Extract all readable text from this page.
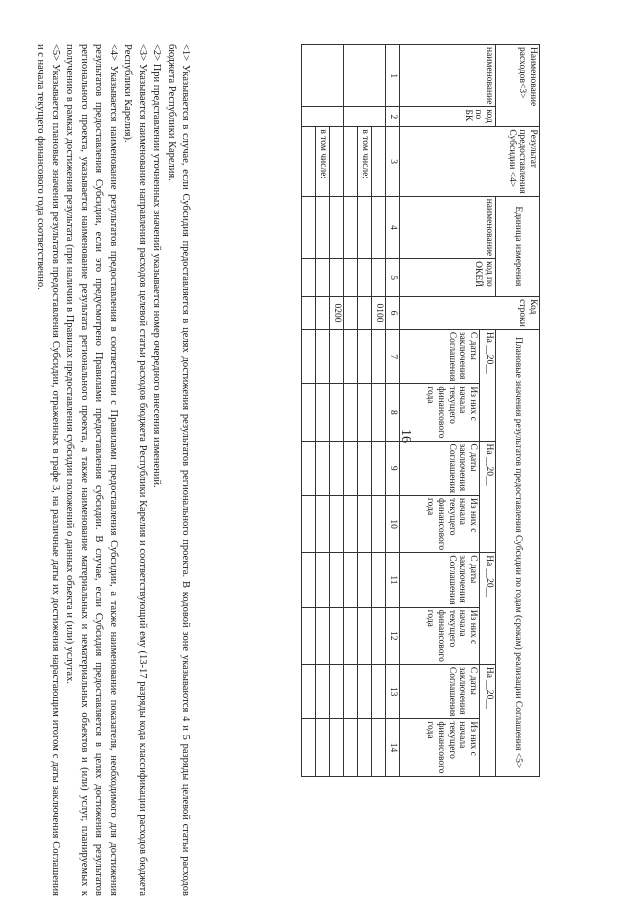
16
Наименование расходов<3>		Результат предоставления Субсидии <4>	Единица измерения		Код строки	Плановые значения результатов предоставления Субсидии по годам (срокам) реализации Соглашения <5>							
наименование	код по БК		наименование	код по ОКЕЙ		На __20__		На __20__		На __20__		На __20__	
						С даты заключения Соглашения	Из них с начала текущего финансового года	С даты заключения Соглашения	Из них с начала текущего финансового года	С даты заключения Соглашения	Из них с начала текущего финансового года	С даты заключения Соглашения	Из них с начала текущего финансового года
1	2	3	4	5	6	7	8	9	10	11	12	13	14
					0100								
		в том числе:											

					0200								
		в том числе:											

<1> Указывается в случае, если Субсидия предоставляется в целях достижения результатов регионального проекта. В кодовой зоне указываются 4 и 5 разряды целевой статьи расходов бюджета Республики Карелия.

<2> При представлении уточненных значений указывается номер очередного внесения изменений.

<3> Указывается наименование направления расходов целевой статьи расходов бюджета Республики Карелия и соответствующий ему (13-17 разряды кода классификации расходов бюджета Республики Карелия).

<4> Указывается наименование результатов предоставления в соответствии с Правилами предоставления Субсидии, а также наименование показателя, необходимого для достижения результатов предоставления Субсидии, если это предусмотрено Правилами предоставления субсидии. В случае, если Субсидия предоставляется в целях достижения результатов регионального проекта, указывается наименование результата регионального проекта, а также наименование материальных и нематериальных объектов и (или) услуг, планируемых к получению в рамках достижения результата (при наличии в Правилах предоставления субсидии положений о данных объекта и (или) услугах.

<5> Указывается плановые значения результатов предоставления Субсидии, отраженных в графе 3, на различные даты их достижения нарастающим итогом с даты заключения Соглашения и с начала текущего финансового года соответственно.
